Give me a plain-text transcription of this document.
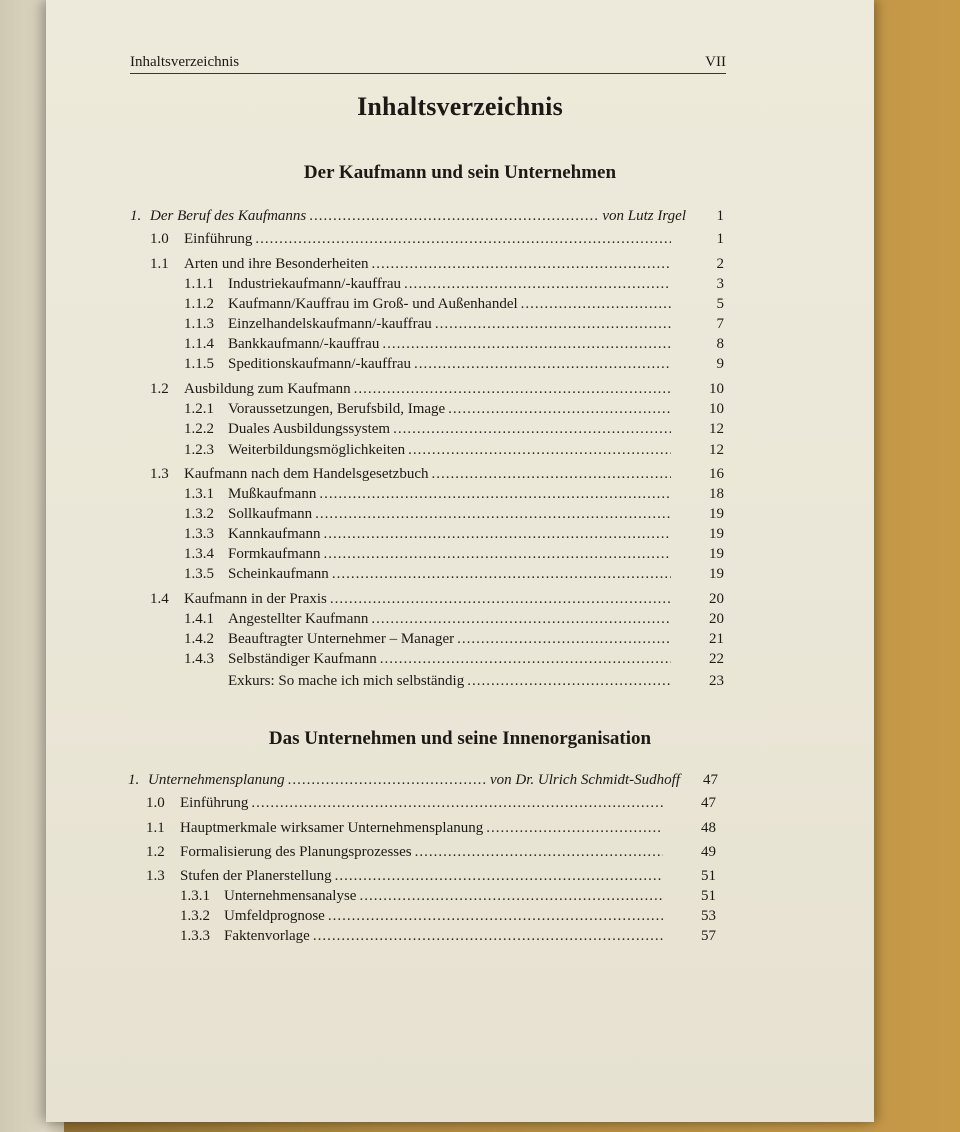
Inhaltsverzeichnis	VII
Inhaltsverzeichnis
Der Kaufmann und sein Unternehmen
1. Der Beruf des Kaufmanns .....	von Lutz Irgel	1
1.0	Einführung .....	1
1.1	Arten und ihre Besonderheiten .....	2
1.1.1 Industriekaufmann/-kauffrau .....	3
1.1.2 Kaufmann/Kauffrau im Groß- und Außenhandel .....	5
1.1.3 Einzelhandelskaufmann/-kauffrau .....	7
1.1.4 Bankkaufmann/-kauffrau .....	8
1.1.5 Speditionskaufmann/-kauffrau .....	9
1.2	Ausbildung zum Kaufmann .....	10
1.2.1 Voraussetzungen, Berufsbild, Image .....	10
1.2.2 Duales Ausbildungssystem .....	12
1.2.3 Weiterbildungsmöglichkeiten .....	12
1.3	Kaufmann nach dem Handelsgesetzbuch .....	16
1.3.1 Mußkaufmann .....	18
1.3.2 Sollkaufmann .....	19
1.3.3 Kannkaufmann .....	19
1.3.4 Formkaufmann .....	19
1.3.5 Scheinkaufmann .....	19
1.4	Kaufmann in der Praxis .....	20
1.4.1 Angestellter Kaufmann .....	20
1.4.2 Beauftragter Unternehmer – Manager .....	21
1.4.3 Selbständiger Kaufmann .....	22
Exkurs: So mache ich mich selbständig .....	23
Das Unternehmen und seine Innenorganisation
1. Unternehmensplanung .....	von Dr. Ulrich Schmidt-Sudhoff	47
1.0	Einführung .....	47
1.1	Hauptmerkmale wirksamer Unternehmensplanung .....	48
1.2	Formalisierung des Planungsprozesses .....	49
1.3	Stufen der Planerstellung .....	51
1.3.1 Unternehmensanalyse .....	51
1.3.2 Umfeldprognose .....	53
1.3.3 Faktenvorlage .....	57
